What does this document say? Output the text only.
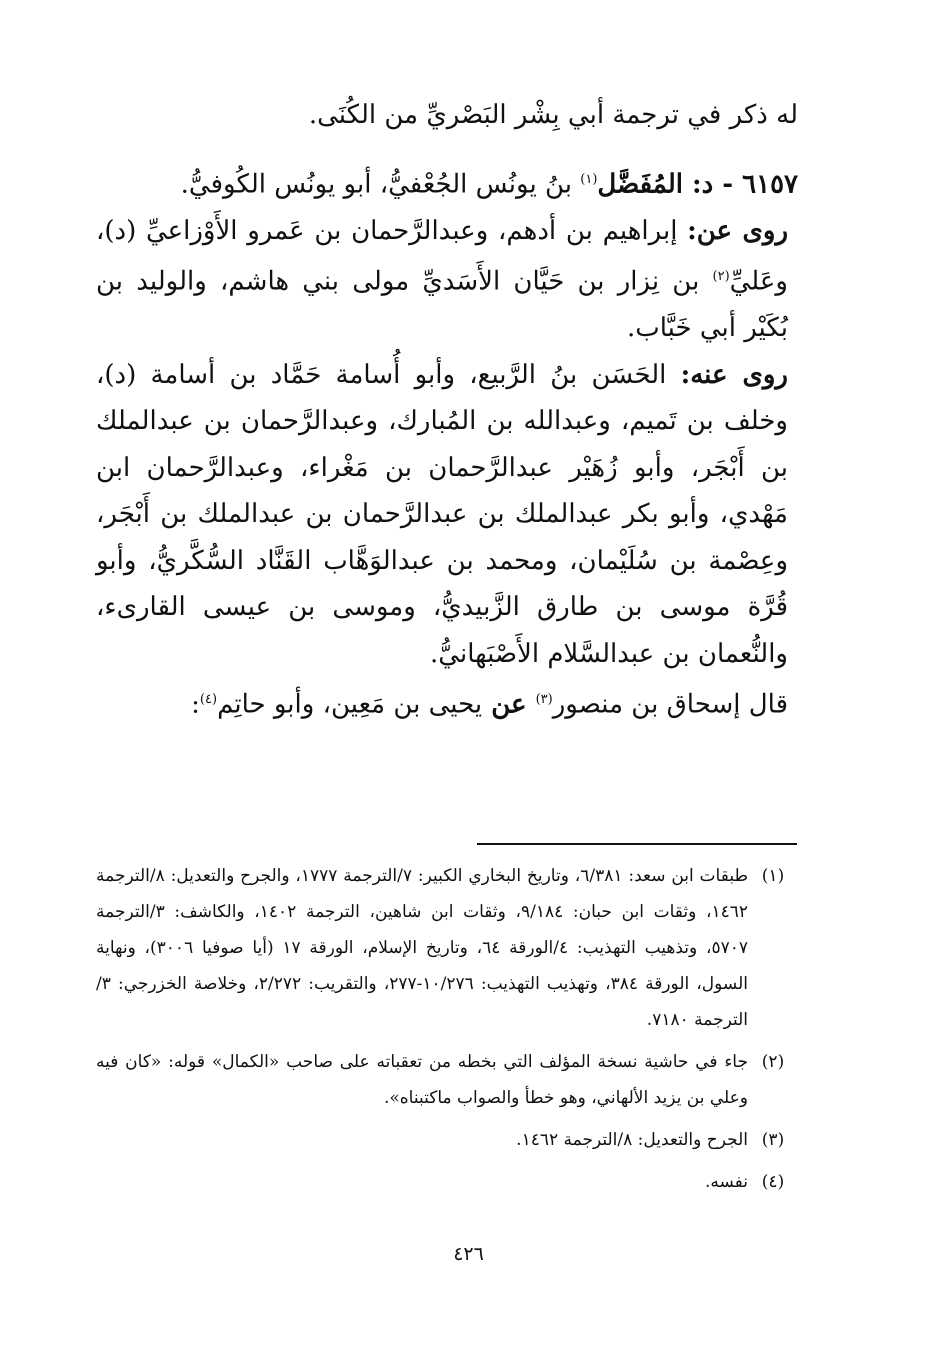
له ذكر في ترجمة أبي بِشْر البَصْريِّ من الكُنَى.

٦١٥٧ - د: المُفَضَّل$^{(١)}$ بنُ يونُس الجُعْفيُّ، أبو يونُس الكُوفيُّ.

روى عن: إبراهيم بن أدهم، وعبدالرَّحمان بن عَمرو الأَوْزاعيِّ (د)، وعَليِّ$^{(٢)}$ بن نِزار بن حَيَّان الأَسَديِّ مولى بني هاشم، والوليد بن بُكَيْر أبي خَبَّاب.

روى عنه: الحَسَن بنُ الرَّبيع، وأبو أُسامة حَمَّاد بن أسامة (د)، وخلف بن تَميم، وعبدالله بن المُبارك، وعبدالرَّحمان بن عبدالملك بن أَبْجَر، وأبو زُهَيْر عبدالرَّحمان بن مَغْراء، وعبدالرَّحمان ابن مَهْدي، وأبو بكر عبدالملك بن عبدالرَّحمان بن عبدالملك بن أَبْجَر، وعِصْمة بن سُلَيْمان، ومحمد بن عبدالوَهَّاب القَنَّاد السُّكَّريُّ، وأبو قُرَّة موسى بن طارق الزَّبيديُّ، وموسى بن عيسى القارىء، والنُّعمان بن عبدالسَّلام الأَصْبَهانيُّ.

قال إسحاق بن منصور$^{(٣)}$ عن يحيى بن مَعِين، وأبو حاتِم$^{(٤)}$:

(١)
طبقات ابن سعد: ٦/٣٨١، وتاريخ البخاري الكبير: ٧/الترجمة ١٧٧٧، والجرح والتعديل: ٨/الترجمة ١٤٦٢، وثقات ابن حبان: ٩/١٨٤، وثقات ابن شاهين، الترجمة ١٤٠٢، والكاشف: ٣/الترجمة ٥٧٠٧، وتذهيب التهذيب: ٤/الورقة ٦٤، وتاريخ الإسلام، الورقة ١٧ (أيا صوفيا ٣٠٠٦)، ونهاية السول، الورقة ٣٨٤، وتهذيب التهذيب: ١٠/٢٧٦-٢٧٧، والتقريب: ٢/٢٧٢، وخلاصة الخزرجي: ٣/الترجمة ٧١٨٠.
(٢)
جاء في حاشية نسخة المؤلف التي بخطه من تعقباته على صاحب «الكمال» قوله: «كان فيه وعلي بن يزيد الألهاني، وهو خطأ والصواب ماكتبناه».
(٣)
الجرح والتعديل: ٨/الترجمة ١٤٦٢.
(٤)
نفسه.
٤٢٦
